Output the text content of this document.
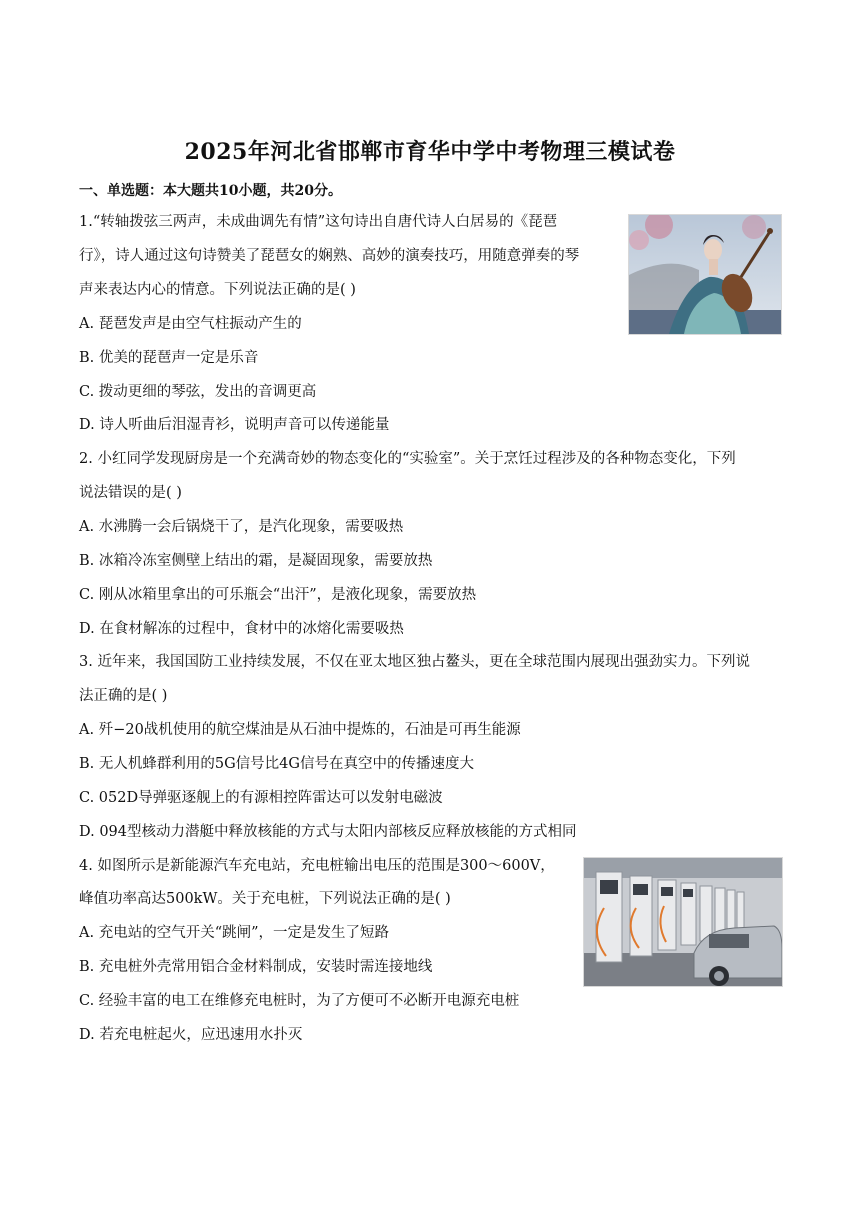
2025年河北省邯郸市育华中学中考物理三模试卷
一、单选题：本大题共10小题，共20分。
1.“转轴拨弦三两声，未成曲调先有情”这句诗出自唐代诗人白居易的《琵琶
行》，诗人通过这句诗赞美了琵琶女的娴熟、高妙的演奏技巧，用随意弹奏的琴
声来表达内心的情意。下列说法正确的是( )
A. 琵琶发声是由空气柱振动产生的
B. 优美的琵琶声一定是乐音
C. 拨动更细的琴弦，发出的音调更高
D. 诗人听曲后泪湿青衫，说明声音可以传递能量
2. 小红同学发现厨房是一个充满奇妙的物态变化的“实验室”。关于烹饪过程涉及的各种物态变化，下列
说法错误的是( )
A. 水沸腾一会后锅烧干了，是汽化现象，需要吸热
B. 冰箱冷冻室侧壁上结出的霜，是凝固现象，需要放热
C. 刚从冰箱里拿出的可乐瓶会“出汗”，是液化现象，需要放热
D. 在食材解冻的过程中，食材中的冰熔化需要吸热
3. 近年来，我国国防工业持续发展，不仅在亚太地区独占鳌头，更在全球范围内展现出强劲实力。下列说
法正确的是( )
A. 歼−20战机使用的航空煤油是从石油中提炼的，石油是可再生能源
B. 无人机蜂群利用的5G信号比4G信号在真空中的传播速度大
C. 052D导弹驱逐舰上的有源相控阵雷达可以发射电磁波
D. 094型核动力潜艇中释放核能的方式与太阳内部核反应释放核能的方式相同
4. 如图所示是新能源汽车充电站，充电桩输出电压的范围是300～600V，
峰值功率高达500kW。关于充电桩，下列说法正确的是( )
A. 充电站的空气开关“跳闸”，一定是发生了短路
B. 充电桩外壳常用铝合金材料制成，安装时需连接地线
C. 经验丰富的电工在维修充电桩时，为了方便可不必断开电源充电桩
D. 若充电桩起火，应迅速用水扑灭
